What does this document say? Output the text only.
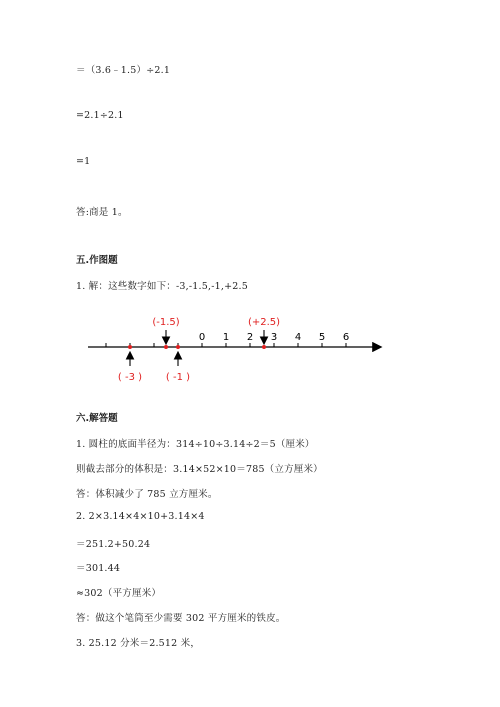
＝（3.6﹣1.5）÷2.1
=2.1÷2.1
=1
答:商是 1。
五.作图题
1. 解：这些数字如下：-3,-1.5,-1,+2.5
0 1 2 3 4 5 6
(-1.5)	(+2.5)
( -3 ) ( -1 )
六.解答题
1. 圆柱的底面半径为：314÷10÷3.14÷2＝5（厘米）
则截去部分的体积是：3.14×52×10＝785（立方厘米）
答：体积减少了 785 立方厘米。
2. 2×3.14×4×10+3.14×4
＝251.2+50.24
＝301.44
≈302（平方厘米）
答：做这个笔筒至少需要 302 平方厘米的铁皮。
3. 25.12 分米＝2.512 米，
